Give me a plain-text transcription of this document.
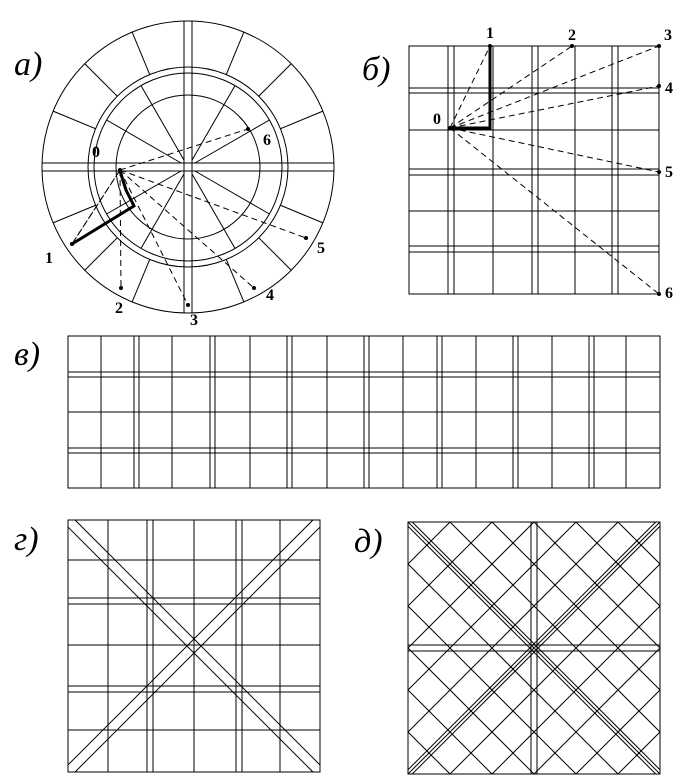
а)	б)
в)
г)	д)
0
1
2
3
4
5
6
0
1	2	3
4
5
6
